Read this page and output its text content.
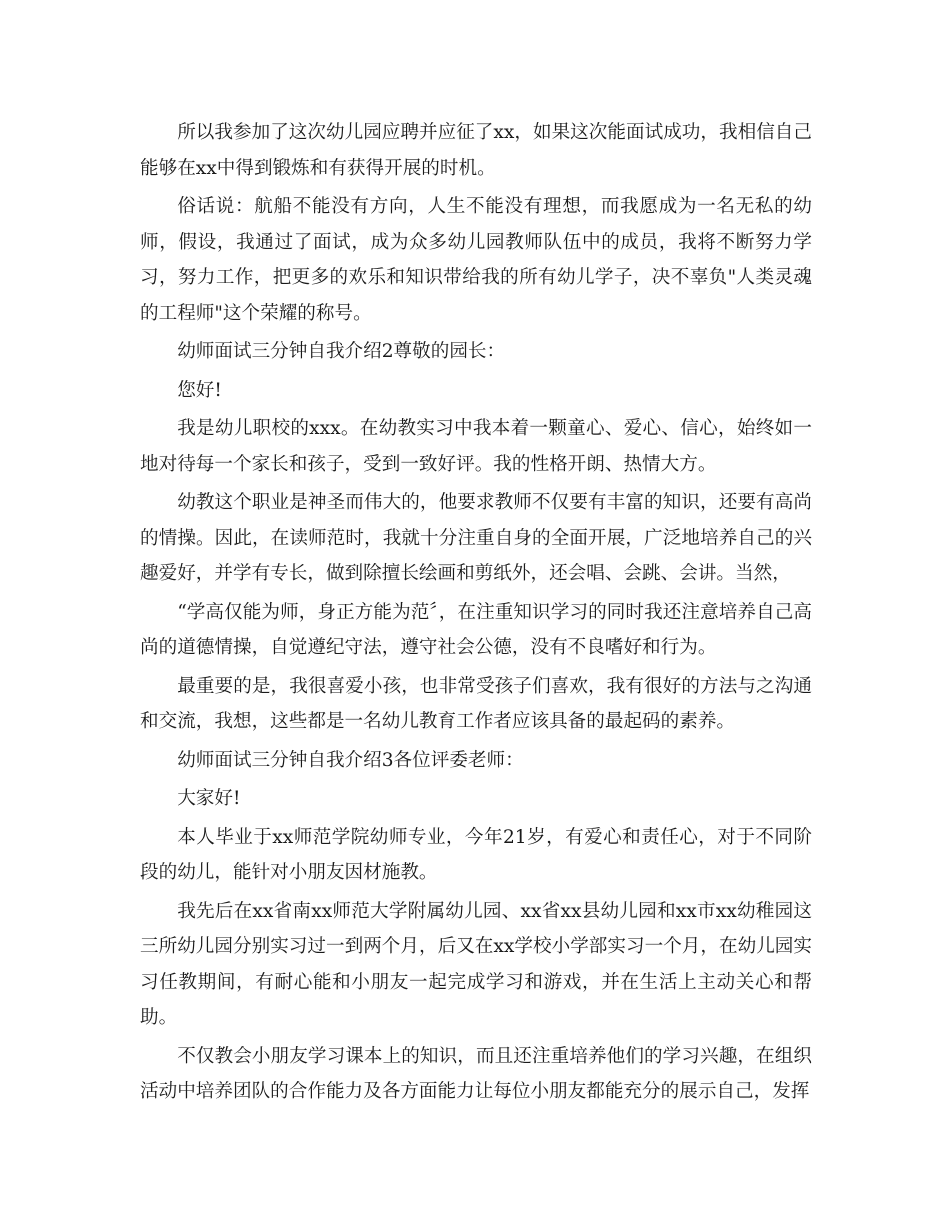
所以我参加了这次幼儿园应聘并应征了xx，如果这次能面试成功，我相信自己能够在xx中得到锻炼和有获得开展的时机。

俗话说：航船不能没有方向，人生不能没有理想，而我愿成为一名无私的幼师，假设，我通过了面试，成为众多幼儿园教师队伍中的成员，我将不断努力学习，努力工作，把更多的欢乐和知识带给我的所有幼儿学子，决不辜负"人类灵魂的工程师"这个荣耀的称号。

幼师面试三分钟自我介绍2尊敬的园长：

您好!

我是幼儿职校的xxx。在幼教实习中我本着一颗童心、爱心、信心，始终如一地对待每一个家长和孩子，受到一致好评。我的性格开朗、热情大方。

幼教这个职业是神圣而伟大的，他要求教师不仅要有丰富的知识，还要有高尚的情操。因此，在读师范时，我就十分注重自身的全面开展，广泛地培养自己的兴趣爱好，并学有专长，做到除擅长绘画和剪纸外，还会唱、会跳、会讲。当然，

“学高仅能为师，身正方能为范〞，在注重知识学习的同时我还注意培养自己高尚的道德情操，自觉遵纪守法，遵守社会公德，没有不良嗜好和行为。

最重要的是，我很喜爱小孩，也非常受孩子们喜欢，我有很好的方法与之沟通和交流，我想，这些都是一名幼儿教育工作者应该具备的最起码的素养。

幼师面试三分钟自我介绍3各位评委老师：

大家好!

本人毕业于xx师范学院幼师专业，今年21岁，有爱心和责任心，对于不同阶段的幼儿，能针对小朋友因材施教。

我先后在xx省南xx师范大学附属幼儿园、xx省xx县幼儿园和xx市xx幼稚园这三所幼儿园分别实习过一到两个月，后又在xx学校小学部实习一个月，在幼儿园实习任教期间，有耐心能和小朋友一起完成学习和游戏，并在生活上主动关心和帮助。

不仅教会小朋友学习课本上的知识，而且还注重培养他们的学习兴趣，在组织活动中培养团队的合作能力及各方面能力让每位小朋友都能充分的展示自己，发挥
